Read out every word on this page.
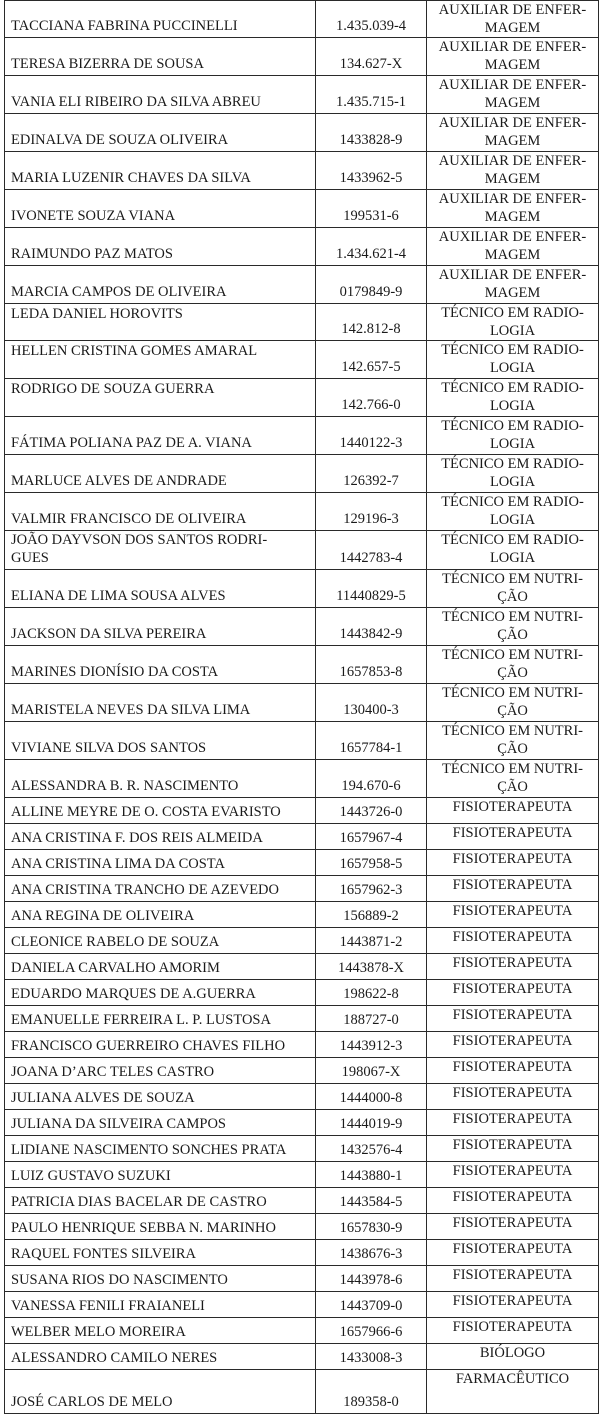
TACCIANA FABRINA PUCCINELLI	1.435.039-4	AUXILIAR DE ENFER-
MAGEM
TERESA BIZERRA DE SOUSA	134.627-X	AUXILIAR DE ENFER-
MAGEM
VANIA ELI RIBEIRO DA SILVA ABREU	1.435.715-1	AUXILIAR DE ENFER-
MAGEM
EDINALVA DE SOUZA OLIVEIRA	1433828-9	AUXILIAR DE ENFER-
MAGEM
MARIA LUZENIR CHAVES DA SILVA	1433962-5	AUXILIAR DE ENFER-
MAGEM
IVONETE SOUZA VIANA	199531-6	AUXILIAR DE ENFER-
MAGEM
RAIMUNDO PAZ MATOS	1.434.621-4	AUXILIAR DE ENFER-
MAGEM
MARCIA CAMPOS DE OLIVEIRA	0179849-9	AUXILIAR DE ENFER-
MAGEM
LEDA DANIEL HOROVITS	142.812-8	TÉCNICO EM RADIO-
LOGIA
HELLEN CRISTINA GOMES AMARAL	142.657-5	TÉCNICO EM RADIO-
LOGIA
RODRIGO DE SOUZA GUERRA	142.766-0	TÉCNICO EM RADIO-
LOGIA
FÁTIMA POLIANA PAZ DE A. VIANA	1440122-3	TÉCNICO EM RADIO-
LOGIA
MARLUCE ALVES DE ANDRADE	126392-7	TÉCNICO EM RADIO-
LOGIA
VALMIR FRANCISCO DE OLIVEIRA	129196-3	TÉCNICO EM RADIO-
LOGIA

JOÃO DAYVSON DOS SANTOS RODRI-
GUES	1442783-4	TÉCNICO EM RADIO-
LOGIA
ELIANA DE LIMA SOUSA ALVES	11440829-5	TÉCNICO EM NUTRI-
ÇÃO
JACKSON DA SILVA PEREIRA	1443842-9	TÉCNICO EM NUTRI-
ÇÃO
MARINES DIONÍSIO DA COSTA	1657853-8	TÉCNICO EM NUTRI-
ÇÃO
MARISTELA NEVES DA SILVA LIMA	130400-3	TÉCNICO EM NUTRI-
ÇÃO
VIVIANE SILVA DOS SANTOS	1657784-1	TÉCNICO EM NUTRI-
ÇÃO
ALESSANDRA B. R. NASCIMENTO	194.670-6	TÉCNICO EM NUTRI-
ÇÃO
ALLINE MEYRE DE O. COSTA EVARISTO	1443726-0	FISIOTERAPEUTA
ANA CRISTINA F. DOS REIS ALMEIDA	1657967-4	FISIOTERAPEUTA
ANA CRISTINA LIMA DA COSTA	1657958-5	FISIOTERAPEUTA
ANA CRISTINA TRANCHO DE AZEVEDO	1657962-3	FISIOTERAPEUTA
ANA REGINA DE OLIVEIRA	156889-2	FISIOTERAPEUTA
CLEONICE RABELO DE SOUZA	1443871-2	FISIOTERAPEUTA
DANIELA CARVALHO AMORIM	1443878-X	FISIOTERAPEUTA
EDUARDO MARQUES DE A.GUERRA	198622-8	FISIOTERAPEUTA
EMANUELLE FERREIRA L. P. LUSTOSA	188727-0	FISIOTERAPEUTA
FRANCISCO GUERREIRO CHAVES FILHO	1443912-3	FISIOTERAPEUTA
JOANA D’ARC TELES CASTRO	198067-X	FISIOTERAPEUTA
JULIANA ALVES DE SOUZA	1444000-8	FISIOTERAPEUTA
JULIANA DA SILVEIRA CAMPOS	1444019-9	FISIOTERAPEUTA
LIDIANE NASCIMENTO SONCHES PRATA	1432576-4	FISIOTERAPEUTA
LUIZ GUSTAVO SUZUKI	1443880-1	FISIOTERAPEUTA
PATRICIA DIAS BACELAR DE CASTRO	1443584-5	FISIOTERAPEUTA
PAULO HENRIQUE SEBBA N. MARINHO	1657830-9	FISIOTERAPEUTA
RAQUEL FONTES SILVEIRA	1438676-3	FISIOTERAPEUTA
SUSANA RIOS DO NASCIMENTO	1443978-6	FISIOTERAPEUTA
VANESSA FENILI FRAIANELI	1443709-0	FISIOTERAPEUTA
WELBER MELO MOREIRA	1657966-6	FISIOTERAPEUTA
ALESSANDRO CAMILO NERES	1433008-3	BIÓLOGO
JOSÉ CARLOS DE MELO	189358-0	FARMACÊUTICO
